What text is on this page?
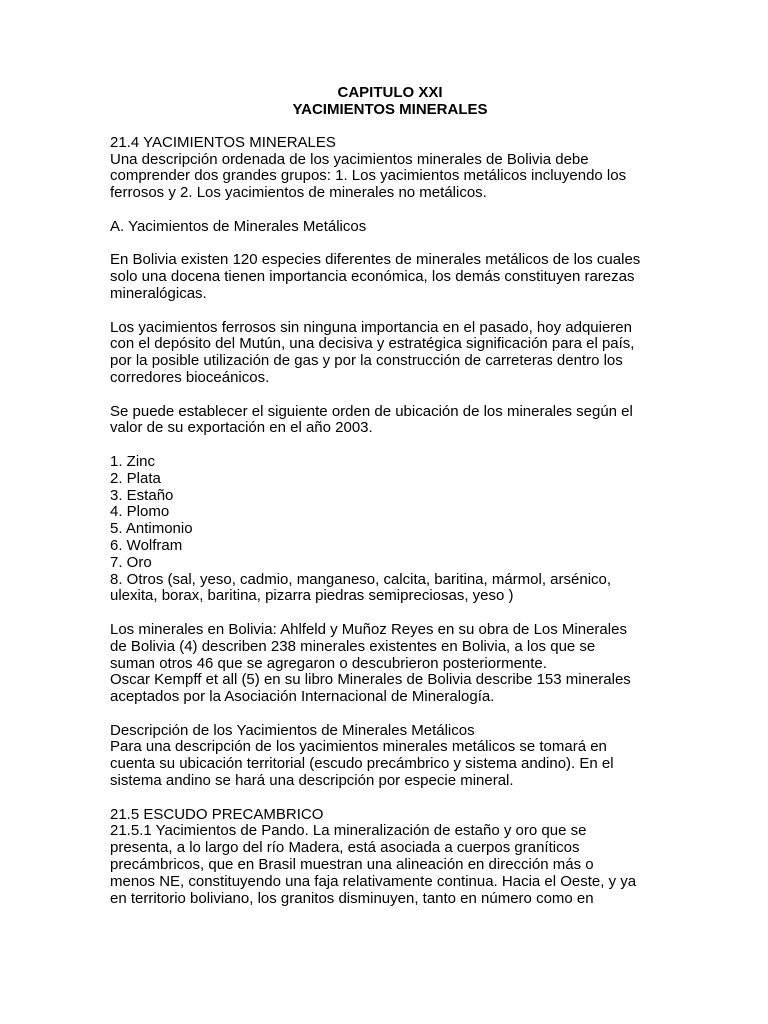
CAPITULO XXI

YACIMIENTOS MINERALES

21.4 YACIMIENTOS MINERALES

Una descripción ordenada de los yacimientos minerales de Bolivia debe

comprender dos grandes grupos: 1. Los yacimientos metálicos incluyendo los

ferrosos y 2. Los yacimientos de minerales no metálicos.

A. Yacimientos de Minerales Metálicos

En Bolivia existen 120 especies diferentes de minerales metálicos de los cuales

solo una docena tienen importancia económica, los demás constituyen rarezas

mineralógicas.

Los yacimientos ferrosos sin ninguna importancia en el pasado, hoy adquieren

con el depósito del Mutún, una decisiva y estratégica significación para el país,

por la posible utilización de gas y por la construcción de carreteras dentro los

corredores bioceánicos.

Se puede establecer el siguiente orden de ubicación de los minerales según el

valor de su exportación en el año 2003.

1. Zinc

2. Plata

3. Estaño

4. Plomo

5. Antimonio

6. Wolfram

7. Oro

8. Otros (sal, yeso, cadmio, manganeso, calcita, baritina, mármol, arsénico,

ulexita, borax, baritina, pizarra piedras semipreciosas, yeso )

Los minerales en Bolivia: Ahlfeld y Muñoz Reyes en su obra de Los Minerales

de Bolivia (4) describen 238 minerales existentes en Bolivia, a los que se

suman otros 46 que se agregaron o descubrieron posteriormente.

Oscar Kempff et all (5) en su libro Minerales de Bolivia describe 153 minerales

aceptados por la Asociación Internacional de Mineralogía.

Descripción de los Yacimientos de Minerales Metálicos

Para una descripción de los yacimientos minerales metálicos se tomará en

cuenta su ubicación territorial (escudo precámbrico y sistema andino). En el

sistema andino se hará una descripción por especie mineral.

21.5 ESCUDO PRECAMBRICO

21.5.1 Yacimientos de Pando. La mineralización de estaño y oro que se

presenta, a lo largo del río Madera, está asociada a cuerpos graníticos

precámbricos, que en Brasil muestran una alineación en dirección más o

menos NE, constituyendo una faja relativamente continua. Hacia el Oeste, y ya

en territorio boliviano, los granitos disminuyen, tanto en número como en
